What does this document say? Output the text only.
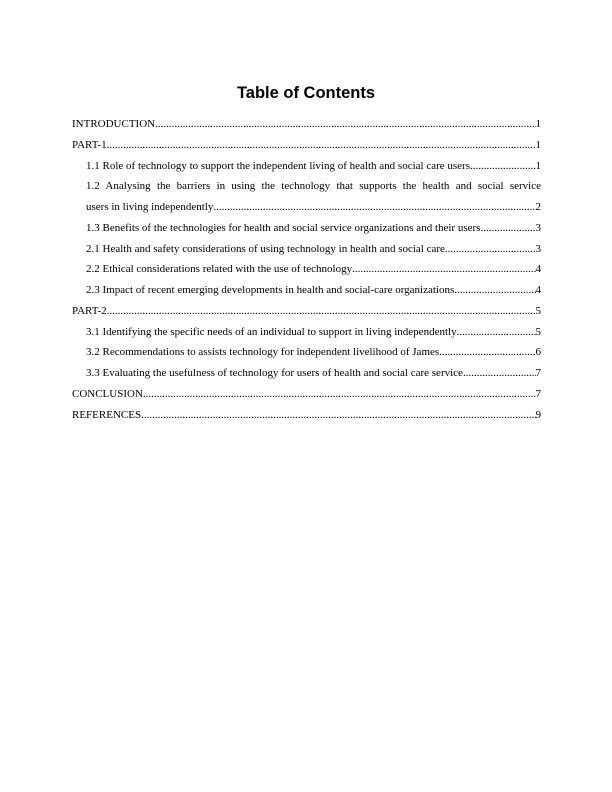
Table of Contents
INTRODUCTION .....	1
PART-1 .....	1
1.1 Role of technology to support the independent living of health and social care users .....	1
1.2 Analysing the barriers in using the technology that supports the health and social service
users in living independently .....	2
1.3 Benefits of the technologies for health and social service organizations and their users .....	3
2.1 Health and safety considerations of using technology in health and social care .....	3
2.2 Ethical considerations related with the use of technology .....	4
2.3 Impact of recent emerging developments in health and social-care organizations .....	4
PART-2 .....	5
3.1 Identifying the specific needs of an individual to support in living independently .....	5
3.2 Recommendations to assists technology for independent livelihood of James .....	6
3.3 Evaluating the usefulness of technology for users of health and social care service .....	7
CONCLUSION .....	7
REFERENCES .....	9
